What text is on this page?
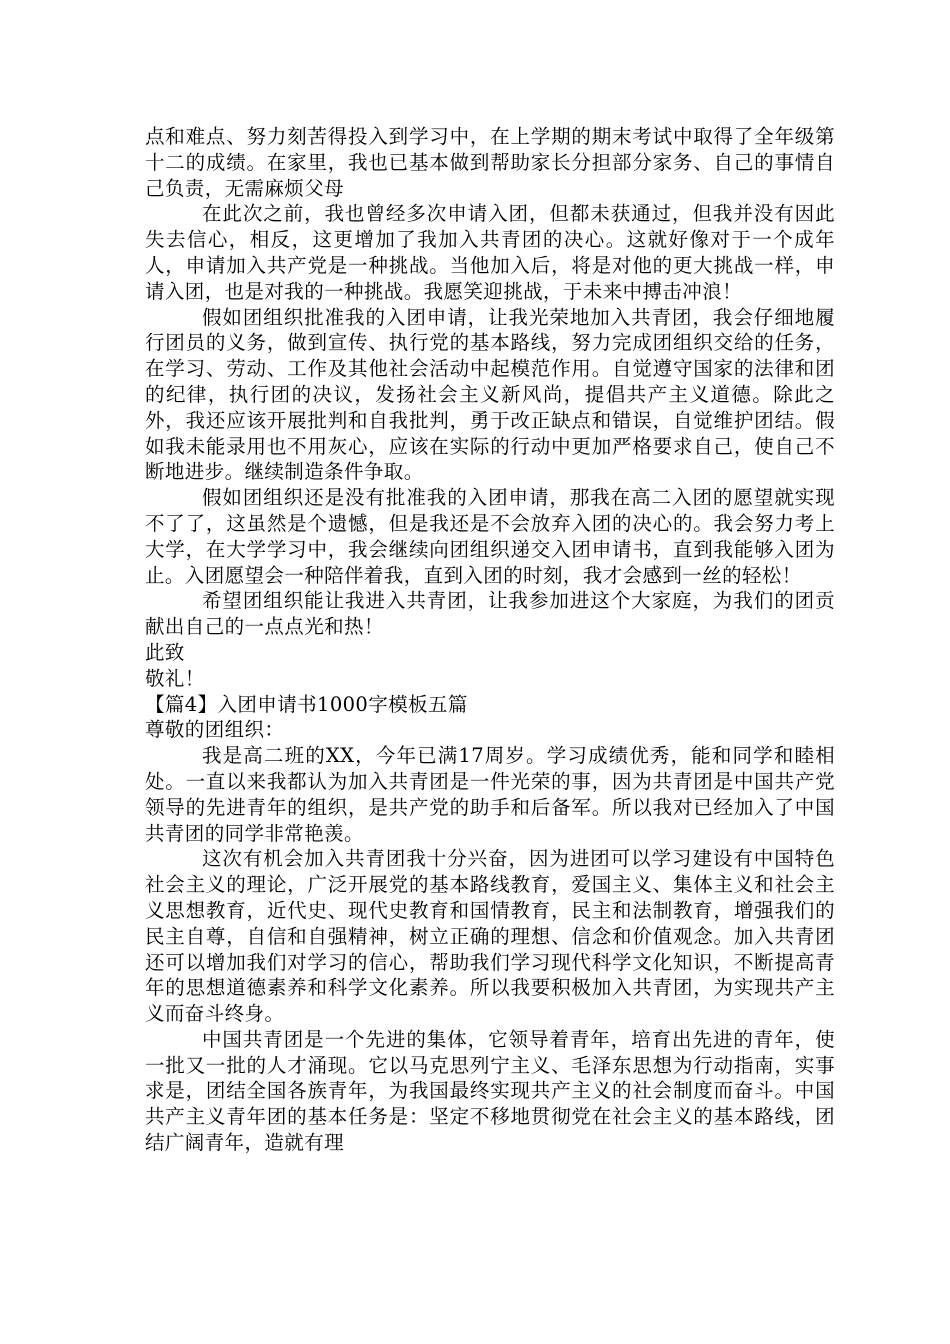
点和难点、努力刻苦得投入到学习中，在上学期的期末考试中取得了全年级第十二的成绩。在家里，我也已基本做到帮助家长分担部分家务、自己的事情自己负责，无需麻烦父母

在此次之前，我也曾经多次申请入团，但都未获通过，但我并没有因此失去信心，相反，这更增加了我加入共青团的决心。这就好像对于一个成年人，申请加入共产党是一种挑战。当他加入后，将是对他的更大挑战一样，申请入团，也是对我的一种挑战。我愿笑迎挑战，于未来中搏击冲浪！

假如团组织批准我的入团申请，让我光荣地加入共青团，我会仔细地履行团员的义务，做到宣传、执行党的基本路线，努力完成团组织交给的任务，在学习、劳动、工作及其他社会活动中起模范作用。自觉遵守国家的法律和团的纪律，执行团的决议，发扬社会主义新风尚，提倡共产主义道德。除此之外，我还应该开展批判和自我批判，勇于改正缺点和错误，自觉维护团结。假如我未能录用也不用灰心，应该在实际的行动中更加严格要求自己，使自己不断地进步。继续制造条件争取。

假如团组织还是没有批准我的入团申请，那我在高二入团的愿望就实现不了了，这虽然是个遗憾，但是我还是不会放弃入团的决心的。我会努力考上大学，在大学学习中，我会继续向团组织递交入团申请书，直到我能够入团为止。入团愿望会一种陪伴着我，直到入团的时刻，我才会感到一丝的轻松！

希望团组织能让我进入共青团，让我参加进这个大家庭，为我们的团贡献出自己的一点点光和热！

此致

敬礼！

【篇4】入团申请书1000字模板五篇

尊敬的团组织：

我是高二班的XX，今年已满17周岁。学习成绩优秀，能和同学和睦相处。一直以来我都认为加入共青团是一件光荣的事，因为共青团是中国共产党领导的先进青年的组织，是共产党的助手和后备军。所以我对已经加入了中国共青团的同学非常艳羡。

这次有机会加入共青团我十分兴奋，因为进团可以学习建设有中国特色社会主义的理论，广泛开展党的基本路线教育，爱国主义、集体主义和社会主义思想教育，近代史、现代史教育和国情教育，民主和法制教育，增强我们的民主自尊，自信和自强精神，树立正确的理想、信念和价值观念。加入共青团还可以增加我们对学习的信心，帮助我们学习现代科学文化知识，不断提高青年的思想道德素养和科学文化素养。所以我要积极加入共青团，为实现共产主义而奋斗终身。

中国共青团是一个先进的集体，它领导着青年，培育出先进的青年，使一批又一批的人才涌现。它以马克思列宁主义、毛泽东思想为行动指南，实事求是，团结全国各族青年，为我国最终实现共产主义的社会制度而奋斗。中国共产主义青年团的基本任务是：坚定不移地贯彻党在社会主义的基本路线，团结广阔青年，造就有理
